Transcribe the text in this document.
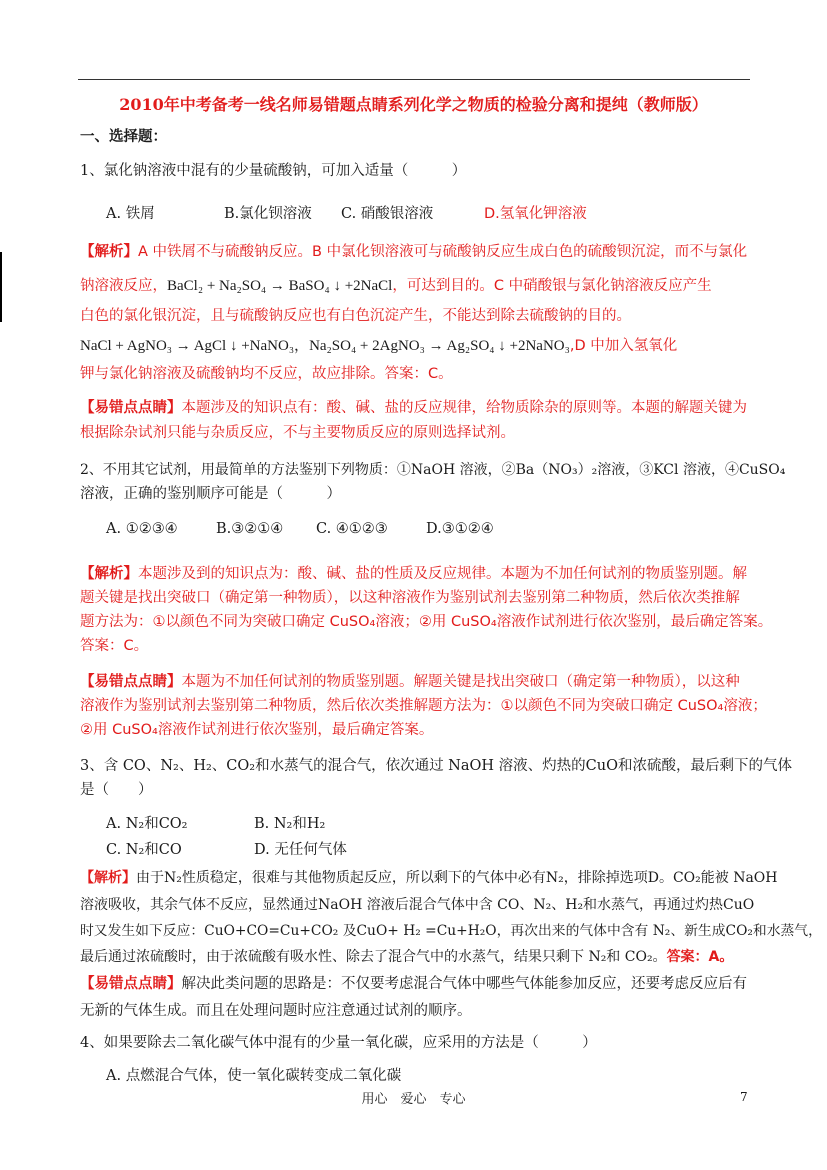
2010年中考备考一线名师易错题点睛系列化学之物质的检验分离和提纯（教师版）
一、选择题：
1、氯化钠溶液中混有的少量硫酸钠，可加入适量（　　　）
A. 铁屑	B.氯化钡溶液 C. 硝酸银溶液	D.氢氧化钾溶液
【解析】A 中铁屑不与硫酸钠反应。B 中氯化钡溶液可与硫酸钠反应生成白色的硫酸钡沉淀，而不与氯化
钠溶液反应，BaCl₂ + Na₂SO₄ → BaSO₄ ↓ +2NaCl，可达到目的。C 中硝酸银与氯化钠溶液反应产生
白色的氯化银沉淀，且与硫酸钠反应也有白色沉淀产生，不能达到除去硫酸钠的目的。
NaCl + AgNO₃ → AgCl ↓ +NaNO₃，Na₂SO₄ + 2AgNO₃ → Ag₂SO₄ ↓ +2NaNO₃,D 中加入氢氧化
钾与氯化钠溶液及硫酸钠均不反应，故应排除。答案：C。
【易错点点睛】本题涉及的知识点有：酸、碱、盐的反应规律，给物质除杂的原则等。本题的解题关键为
根据除杂试剂只能与杂质反应，不与主要物质反应的原则选择试剂。
2、不用其它试剂，用最简单的方法鉴别下列物质：①NaOH 溶液，②Ba（NO₃）₂溶液，③KCl 溶液，④CuSO₄
溶液，正确的鉴别顺序可能是（　　　）
A. ①②③④	B.③②①④ C. ④①②③	D.③①②④
【解析】本题涉及到的知识点为：酸、碱、盐的性质及反应规律。本题为不加任何试剂的物质鉴别题。解
题关键是找出突破口（确定第一种物质），以这种溶液作为鉴别试剂去鉴别第二种物质，然后依次类推解
题方法为：①以颜色不同为突破口确定 CuSO₄溶液；②用 CuSO₄溶液作试剂进行依次鉴别，最后确定答案。
答案：C。
【易错点点睛】本题为不加任何试剂的物质鉴别题。解题关键是找出突破口（确定第一种物质），以这种
溶液作为鉴别试剂去鉴别第二种物质，然后依次类推解题方法为：①以颜色不同为突破口确定 CuSO₄溶液；
②用 CuSO₄溶液作试剂进行依次鉴别，最后确定答案。
3、含 CO、N₂、H₂、CO₂和水蒸气的混合气，依次通过 NaOH 溶液、灼热的CuO和浓硫酸，最后剩下的气体
是（　　）
A. N₂和CO₂	B. N₂和H₂
C. N₂和CO	D. 无任何气体
【解析】由于N₂性质稳定，很难与其他物质起反应，所以剩下的气体中必有N₂，排除掉选项D。CO₂能被 NaOH
溶液吸收，其余气体不反应，显然通过NaOH 溶液后混合气体中含 CO、N₂、H₂和水蒸气，再通过灼热CuO
时又发生如下反应：CuO+CO=Cu+CO₂ 及CuO+ H₂ =Cu+H₂O，再次出来的气体中含有 N₂、新生成CO₂和水蒸气，
最后通过浓硫酸时，由于浓硫酸有吸水性、除去了混合气中的水蒸气，结果只剩下 N₂和 CO₂。答案：A。
【易错点点睛】解决此类问题的思路是：不仅要考虑混合气体中哪些气体能参加反应，还要考虑反应后有
无新的气体生成。而且在处理问题时应注意通过试剂的顺序。
4、如果要除去二氧化碳气体中混有的少量一氧化碳，应采用的方法是（　　　）
A. 点燃混合气体，使一氧化碳转变成二氧化碳
用心　爱心　专心	7
